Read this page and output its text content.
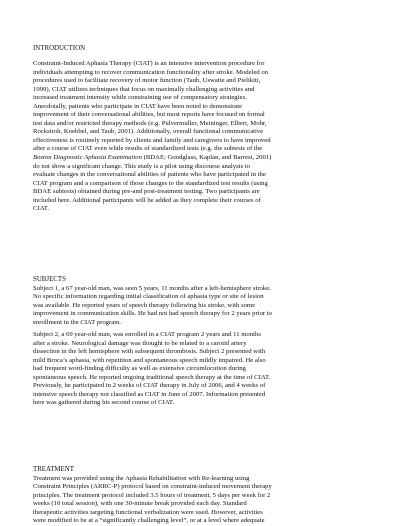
INTRODUCTION
Constraint-Induced Aphasia Therapy (CIAT) is an intensive intervention procedure for
individuals attempting to recover communication functionality after stroke. Modeled on
procedures used to facilitate recovery of motor function (Taub, Uswatte and Pielikiti,
1999), CIAT utilizes techniques that focus on maximally challenging activities and
increased treatment intensity while constraining use of compensatory strategies.
Anecdotally, patients who participate in CIAT have been noted to demonstrate
improvement of their conversational abilities, but most reports have focused on formal
test data and/or restricted therapy methods (e.g. Pulvermuller, Meininger, Elbert, Mohr,
Rockstroh, Koebbel, and Taub, 2001). Additionally, overall functional communicative
effectiveness is routinely reported by clients and family and caregivers to have improved
after a course of CIAT even while results of standardized tests (e.g. the subtests of the
Boston Diagnostic Aphasia Examination (BDAE; Goodglass, Kaplan, and Barresi, 2001)
do not show a significant change. This study is a pilot using discourse analysis to
evaluate changes in the conversational abilities of patients who have participated in the
CIAT program and a comparison of those changes to the standardized test results (using
BDAE subtests) obtained during pre-and post-treatment testing. Two participants are
included here. Additional participants will be added as they complete their courses of
CIAT.
SUBJECTS
Subject 1, a 67 year-old man, was seen 5 years, 11 months after a left-hemisphere stroke.
No specific information regarding initial classification of aphasia type or site of lesion
was available. He reported years of speech therapy following his stroke, with some
improvement in communication skills. He had not had speech therapy for 2 years prior to
enrollment in the CIAT program.
Subject 2, a 69 year-old man, was enrolled in a CIAT program 2 years and 11 months
after a stroke. Neurological damage was thought to be related to a carotid artery
dissection in the left hemisphere with subsequent thrombosis. Subject 2 presented with
mild Broca’s aphasia, with repetition and spontaneous speech mildly impaired. He also
had frequent word-finding difficulty as well as extensive circumlocution during
spontaneous speech. He reported ongoing traditional speech therapy at the time of CIAT.
Previously, he participated in 2 weeks of CIAT therapy in July of 2006, and 4 weeks of
intensive speech therapy not classified as CIAT in June of 2007. Information presented
here was gathered during his second course of CIAT.
TREATMENT
Treatment was provided using the Aphasia Rehabilitation with Re-learning using
Constraint Principles (ARRC-P) protocol based on constraint-induced movement therapy
principles. The treatment protocol included 3.5 hours of treatment, 5 days per week for 2
weeks (10 total session), with one 30-minute break provided each day. Standard
therapeutic activities targeting functional verbalization were used. However, activities
were modified to be at a “significantly challenging level”, or at a level where adequate
